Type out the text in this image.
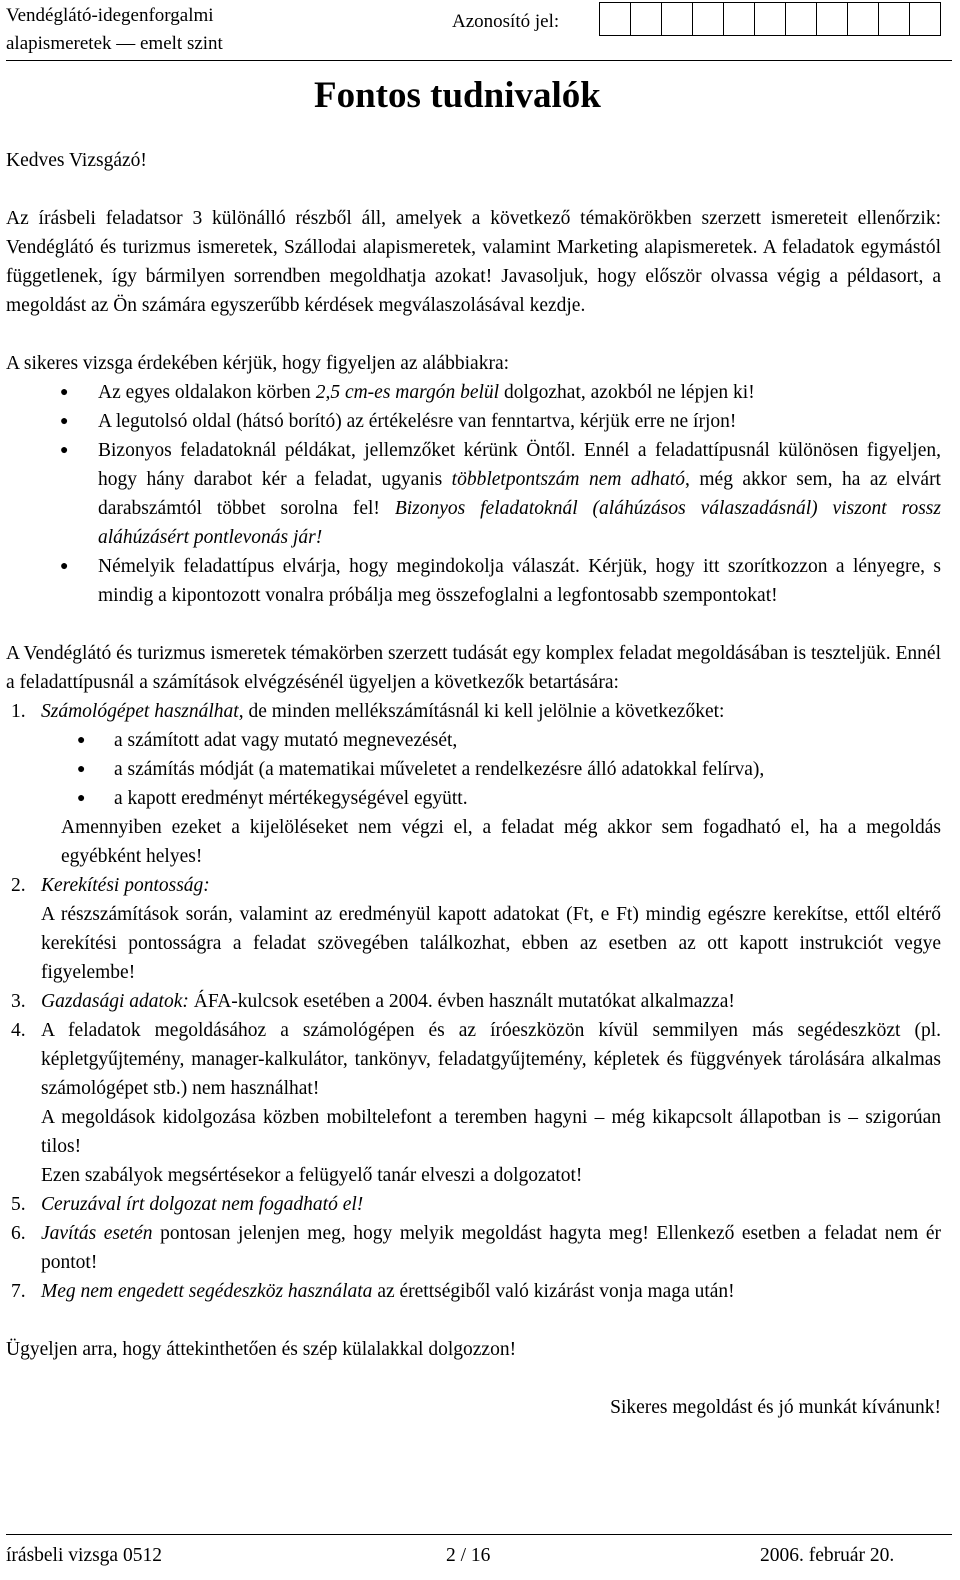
Vendéglátó-idegenforgalmi
alapismeretek — emelt szint
Azonosító jel:
Fontos tudnivalók

Kedves Vizsgázó!

Az írásbeli feladatsor 3 különálló részből áll, amelyek a következő témakörökben szerzett ismereteit ellenőrzik: Vendéglátó és turizmus ismeretek, Szállodai alapismeretek, valamint Marketing alapismeretek. A feladatok egymástól függetlenek, így bármilyen sorrendben megoldhatja azokat! Javasoljuk, hogy először olvassa végig a példasort, a megoldást az Ön számára egyszerűbb kérdések megválaszolásával kezdje.

A sikeres vizsga érdekében kérjük, hogy figyeljen az alábbiakra:

● Az egyes oldalakon körben 2,5 cm-es margón belül dolgozhat, azokból ne lépjen ki!
● A legutolsó oldal (hátsó borító) az értékelésre van fenntartva, kérjük erre ne írjon!
● Bizonyos feladatoknál példákat, jellemzőket kérünk Öntől. Ennél a feladattípusnál különösen figyeljen, hogy hány darabot kér a feladat, ugyanis többletpontszám nem adható, még akkor sem, ha az elvárt darabszámtól többet sorolna fel! Bizonyos feladatoknál (aláhúzásos válaszadásnál) viszont rossz aláhúzásért pontlevonás jár!
● Némelyik feladattípus elvárja, hogy megindokolja válaszát. Kérjük, hogy itt szorítkozzon a lényegre, s mindig a kipontozott vonalra próbálja meg összefoglalni a legfontosabb szempontokat!

A Vendéglátó és turizmus ismeretek témakörben szerzett tudását egy komplex feladat megoldásában is teszteljük. Ennél a feladattípusnál a számítások elvégzésénél ügyeljen a következők betartására:

1. Számológépet használhat, de minden mellékszámításnál ki kell jelölnie a következőket:
● a számított adat vagy mutató megnevezését,
● a számítás módját (a matematikai műveletet a rendelkezésre álló adatokkal felírva),
● a kapott eredményt mértékegységével együtt.
Amennyiben ezeket a kijelöléseket nem végzi el, a feladat még akkor sem fogadható el, ha a megoldás egyébként helyes!
2. Kerekítési pontosság:
A részszámítások során, valamint az eredményül kapott adatokat (Ft, e Ft) mindig egészre kerekítse, ettől eltérő kerekítési pontosságra a feladat szövegében találkozhat, ebben az esetben az ott kapott instrukciót vegye figyelembe!
3. Gazdasági adatok: ÁFA-kulcsok esetében a 2004. évben használt mutatókat alkalmazza!
4. A feladatok megoldásához a számológépen és az íróeszközön kívül semmilyen más segédeszközt (pl. képletgyűjtemény, manager-kalkulátor, tankönyv, feladatgyűjtemény, képletek és függvények tárolására alkalmas számológépet stb.) nem használhat!
A megoldások kidolgozása közben mobiltelefont a teremben hagyni – még kikapcsolt állapotban is – szigorúan tilos!
Ezen szabályok megsértésekor a felügyelő tanár elveszi a dolgozatot!
5. Ceruzával írt dolgozat nem fogadható el!
6. Javítás esetén pontosan jelenjen meg, hogy melyik megoldást hagyta meg! Ellenkező esetben a feladat nem ér pontot!
7. Meg nem engedett segédeszköz használata az érettségiből való kizárást vonja maga után!

Ügyeljen arra, hogy áttekinthetően és szép külalakkal dolgozzon!

Sikeres megoldást és jó munkát kívánunk!

írásbeli vizsga 0512	2 / 16	2006. február 20.
